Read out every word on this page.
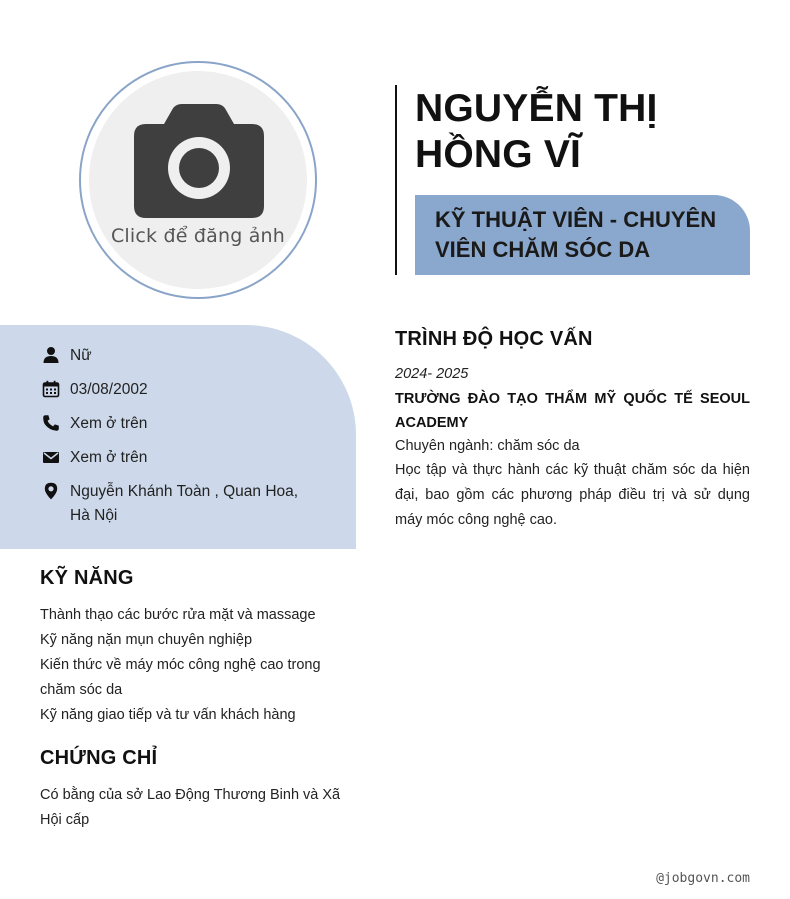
Click để đăng ảnh
NGUYỄN THỊ HỒNG VĨ
KỸ THUẬT VIÊN - CHUYÊN VIÊN CHĂM SÓC DA
Nữ
03/08/2002
Xem ở trên
Xem ở trên
Nguyễn Khánh Toàn , Quan Hoa, Hà Nội
KỸ NĂNG
Thành thạo các bước rửa mặt và massage
Kỹ năng nặn mụn chuyên nghiệp
Kiến thức về máy móc công nghệ cao trong chăm sóc da
Kỹ năng giao tiếp và tư vấn khách hàng
CHỨNG CHỈ
Có bằng của sở Lao Động Thương Binh và Xã Hội cấp
TRÌNH ĐỘ HỌC VẤN
2024- 2025
TRƯỜNG ĐÀO TẠO THẨM MỸ QUỐC TẾ SEOUL ACADEMY
Chuyên ngành: chăm sóc da
Học tập và thực hành các kỹ thuật chăm sóc da hiện đại, bao gồm các phương pháp điều trị và sử dụng máy móc công nghệ cao.
@jobgovn.com
